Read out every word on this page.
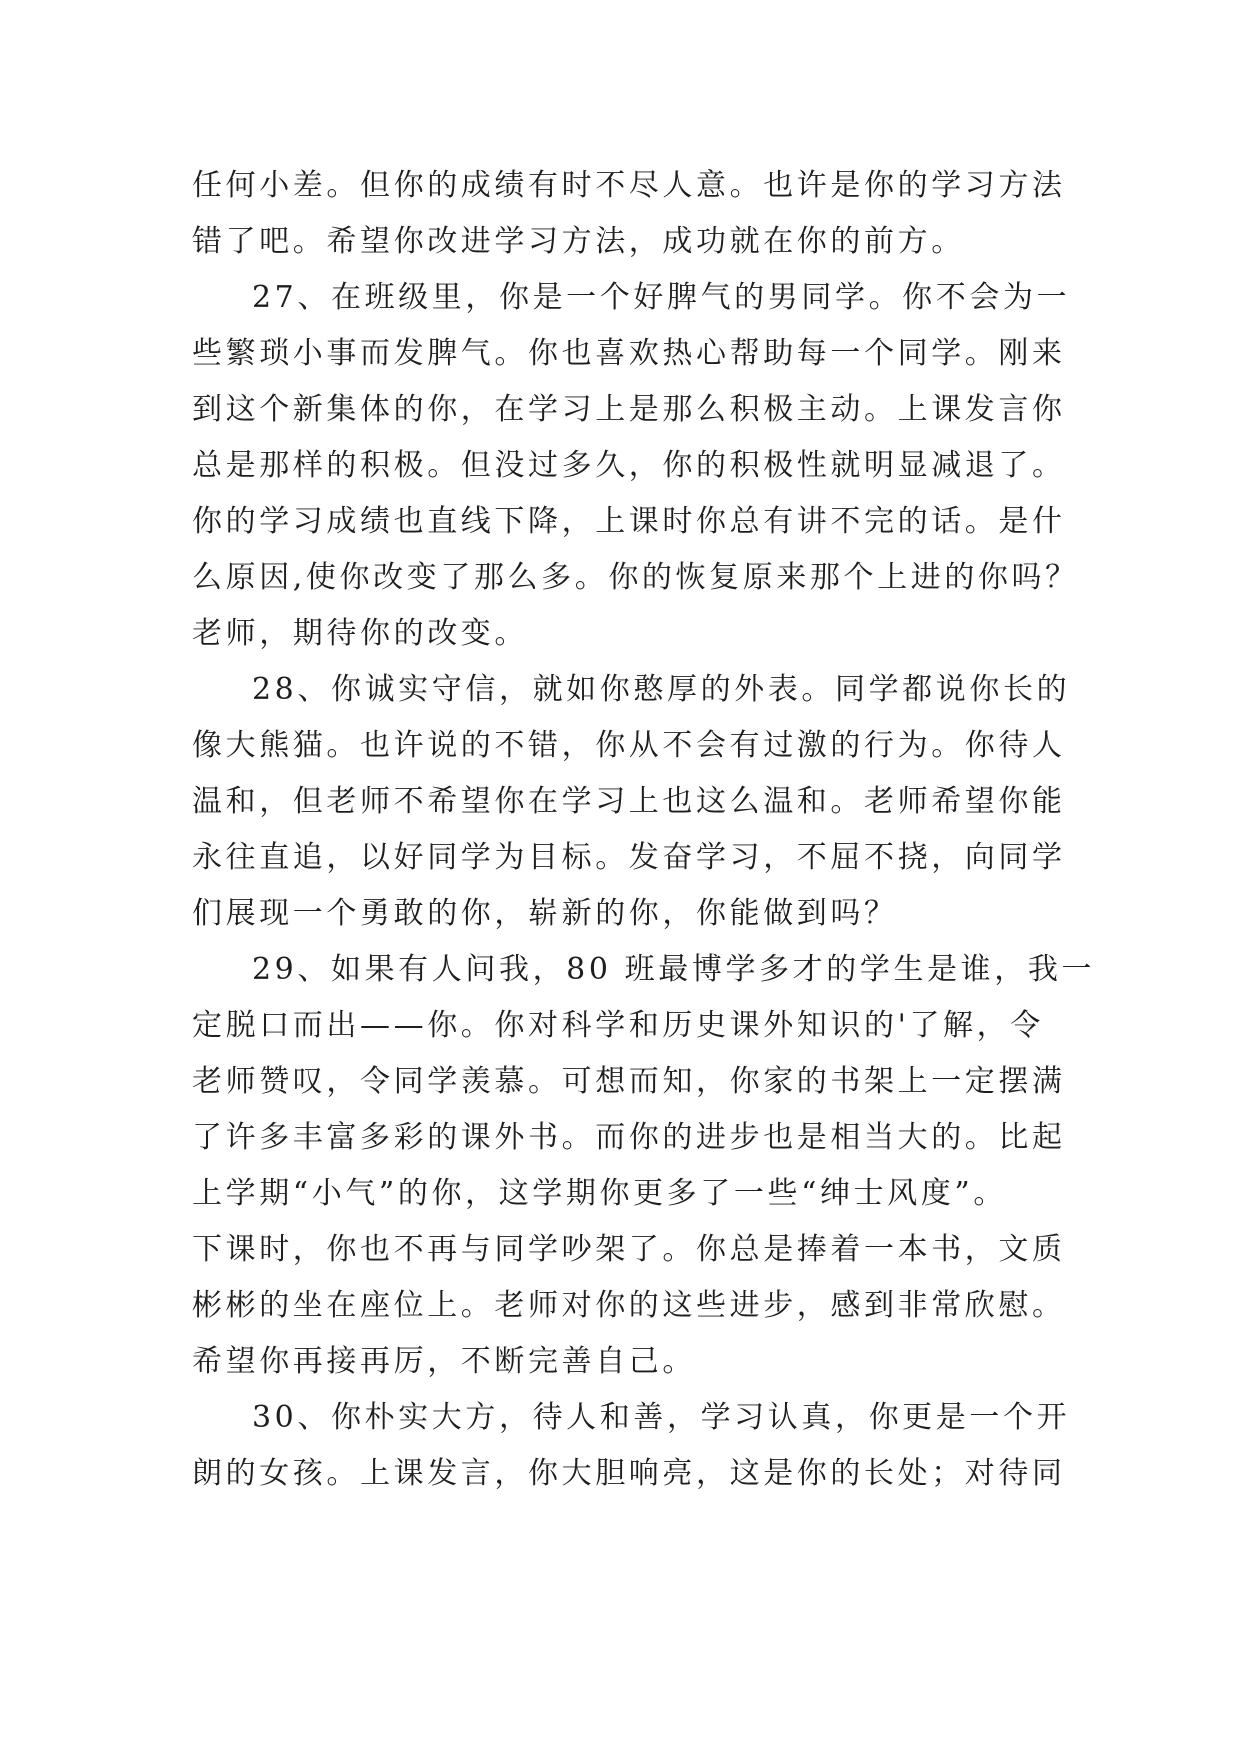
任何小差。但你的成绩有时不尽人意。也许是你的学习方法
错了吧。希望你改进学习方法，成功就在你的前方。
27、在班级里，你是一个好脾气的男同学。你不会为一
些繁琐小事而发脾气。你也喜欢热心帮助每一个同学。刚来
到这个新集体的你，在学习上是那么积极主动。上课发言你
总是那样的积极。但没过多久，你的积极性就明显减退了。
你的学习成绩也直线下降，上课时你总有讲不完的话。是什
么原因,使你改变了那么多。你的恢复原来那个上进的你吗？
老师，期待你的改变。
28、你诚实守信，就如你憨厚的外表。同学都说你长的
像大熊猫。也许说的不错，你从不会有过激的行为。你待人
温和，但老师不希望你在学习上也这么温和。老师希望你能
永往直追，以好同学为目标。发奋学习，不屈不挠，向同学
们展现一个勇敢的你，崭新的你，你能做到吗？
29、如果有人问我，80 班最博学多才的学生是谁，我一
定脱口而出——你。你对科学和历史课外知识的'了解，令
老师赞叹，令同学羡慕。可想而知，你家的书架上一定摆满
了许多丰富多彩的课外书。而你的进步也是相当大的。比起
上学期“小气”的你，这学期你更多了一些“绅士风度”。
下课时，你也不再与同学吵架了。你总是捧着一本书，文质
彬彬的坐在座位上。老师对你的这些进步，感到非常欣慰。
希望你再接再厉，不断完善自己。
30、你朴实大方，待人和善，学习认真，你更是一个开
朗的女孩。上课发言，你大胆响亮，这是你的长处；对待同
